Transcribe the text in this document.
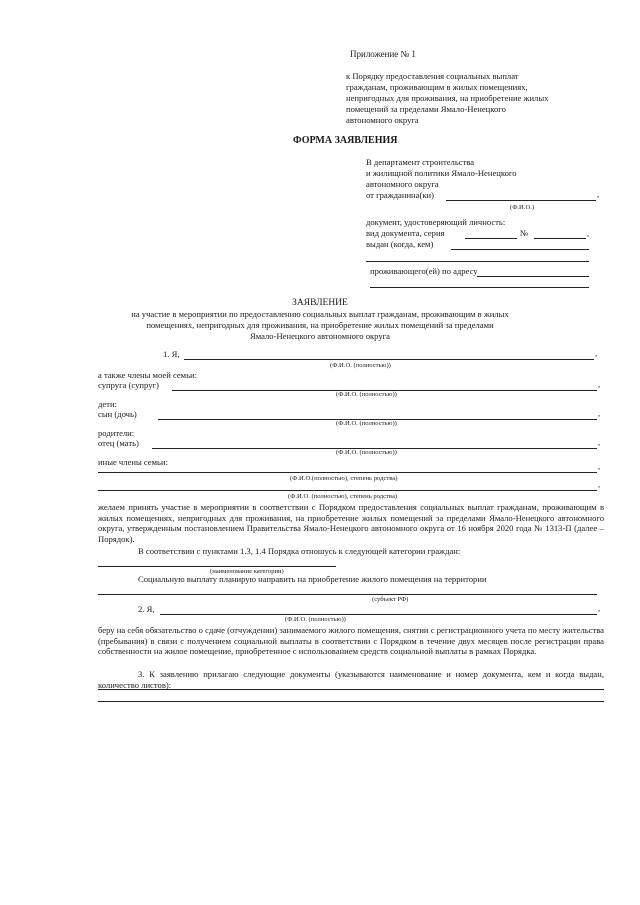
Приложение № 1
к Порядку предоставления социальных выплат
гражданам, проживающим в жилых помещениях,
непригодных для проживания, на приобретение жилых
помещений за пределами Ямало-Ненецкого
автономного округа
ФОРМА ЗАЯВЛЕНИЯ
В департамент строительства
и жилищной политики Ямало-Ненецкого
автономного округа
от гражданина(ки)	,
(Ф.И.О.)
документ, удостоверяющий личность:
вид документа, серия	№	,
выдан (когда, кем)
проживающего(ей) по адресу
ЗАЯВЛЕНИЕ
на участие в мероприятии по предоставлению социальных выплат гражданам, проживающим в жилых
помещениях, непригодных для проживания, на приобретение жилых помещений за пределами
Ямало-Ненецкого автономного округа
1. Я,	,
(Ф.И.О. (полностью))
а также члены моей семьи:
супруга (супруг)	,
(Ф.И.О. (полностью))
дети:
сын (дочь)	,
(Ф.И.О. (полностью))
родители:
отец (мать)	,
(Ф.И.О. (полностью))
иные члены семьи:	,
(Ф.И.О.(полностью), степень родства)
,
(Ф.И.О. (полностью), степень родства)
желаем принять участие в мероприятии в соответствии с Порядком предоставления социальных выплат гражданам, проживающим в жилых помещениях, непригодных для проживания, на приобретение жилых помещений за пределами Ямало-Ненецкого автономного округа, утвержденным постановлением Правительства Ямало-Ненецкого автономного округа от 16 ноября 2020 года № 1313-П (далее – Порядок).
В соответствии с пунктами 1.3, 1.4 Порядка отношусь к следующей категории граждан:
(наименование категории)
Социальную выплату планирую направить на приобретение жилого помещения на территории
(субъект РФ)
2. Я,	,
(Ф.И.О. (полностью))
беру на себя обязательство о сдаче (отчуждении) занимаемого жилого помещения, снятии с регистрационного учета по месту жительства (пребывания) в связи с получением социальной выплаты в соответствии с Порядком в течение двух месяцев после регистрации права собственности на жилое помещение, приобретенное с использованием средств социальной выплаты в рамках Порядка.
3. К заявлению прилагаю следующие документы (указываются наименование и номер документа, кем и когда выдан, количество листов):
